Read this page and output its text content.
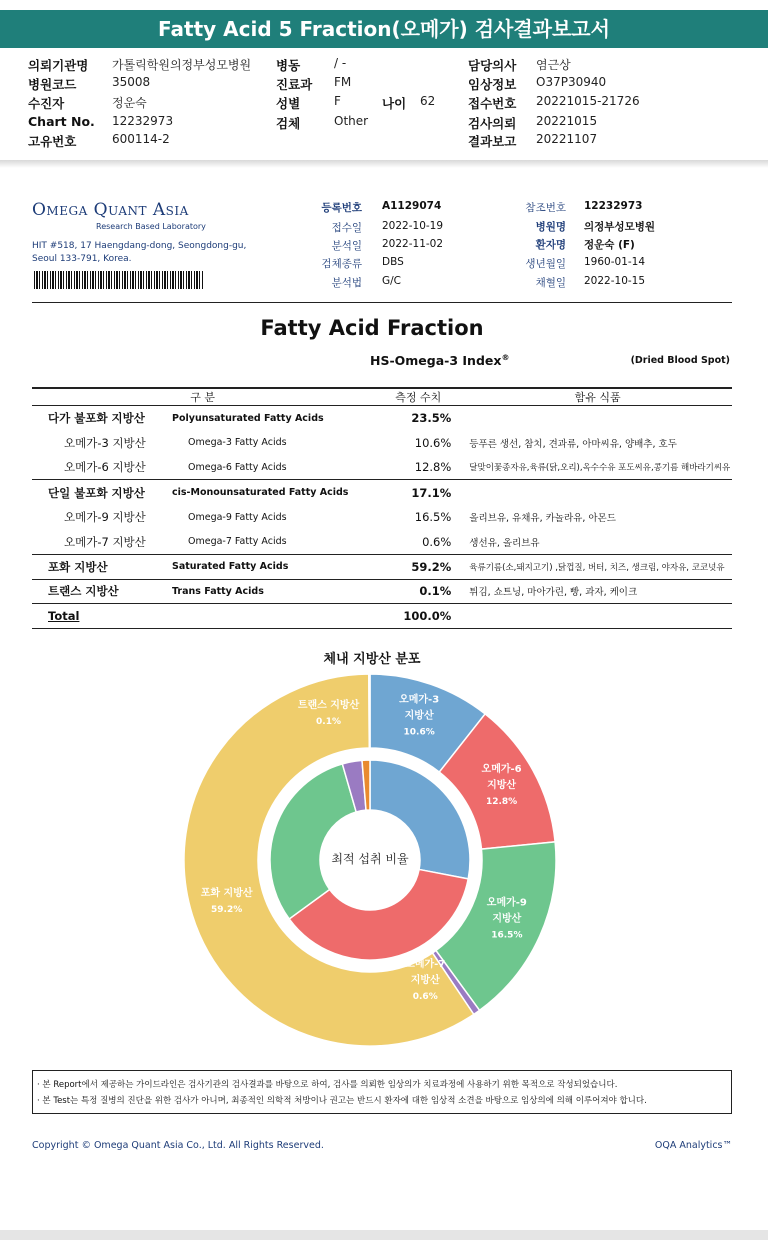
Fatty Acid 5 Fraction(오메가) 검사결과보고서
의뢰기관명 가톨릭학원의정부성모병원 병동	/ -	담당의사 염근상
병원코드	35008	진료과 FM	임상정보 O37P30940
수진자	정운숙	성별	F	나이 62	접수번호 20221015-21726
Chart No. 12232973	검체	Other	검사의뢰 20221015
고유번호	600114-2	결과보고 20221107
Omega Quant Asia
Research Based Laboratory
HIT #518, 17 Haengdang-dong, Seongdong-gu, Seoul 133-791, Korea.
등록번호 A1129074
접수일 2022-10-19
분석일 2022-11-02
검체종류 DBS
분석법 G/C
참조번호 12232973
병원명 의정부성모병원
환자명 정운숙 (F)
생년월일 1960-01-14
채혈일 2022-10-15
Fatty Acid Fraction
HS-Omega-3 Index®	(Dried Blood Spot)
구 분		측정 수치	함유 식품
다가 불포화 지방산	Polyunsaturated Fatty Acids	23.5%	
오메가-3 지방산	Omega-3 Fatty Acids	10.6%	등푸른 생선, 참치, 견과류, 아마씨유, 양배추, 호두
오메가-6 지방산	Omega-6 Fatty Acids	12.8%	달맞이꽃종자유,육류(닭,오리),옥수수유 포도씨유,콩기름 해바라기씨유
단일 불포화 지방산	cis-Monounsaturated Fatty Acids	17.1%	
오메가-9 지방산	Omega-9 Fatty Acids	16.5%	올리브유, 유채유, 카놀라유, 아몬드
오메가-7 지방산	Omega-7 Fatty Acids	0.6%	생선유, 올리브유
포화 지방산	Saturated Fatty Acids	59.2%	육류기름(소,돼지고기) ,닭껍질, 버터, 치즈, 생크림, 야자유, 코코넛유
트랜스 지방산	Trans Fatty Acids	0.1%	튀김, 쇼트닝, 마아가린, 빵, 과자, 케이크
Total		100.0%	
체내 지방산 분포
오메가-3 지방산 10.6%
오메가-6 지방산 12.8%
오메가-9 지방산 16.5%
오메가-7 지방산 0.6%
포화 지방산 59.2%
트랜스 지방산 0.1%
최적 섭취 비율
· 본 Report에서 제공하는 가이드라인은 검사기관의 검사결과를 바탕으로 하여, 검사를 의뢰한 임상의가 치료과정에 사용하기 위한 목적으로 작성되었습니다.
· 본 Test는 특정 질병의 진단을 위한 검사가 아니며, 최종적인 의학적 처방이나 권고는 반드시 환자에 대한 임상적 소견을 바탕으로 임상의에 의해 이루어져야 합니다.
Copyright © Omega Quant Asia Co., Ltd. All Rights Reserved.	OQA Analytics™
